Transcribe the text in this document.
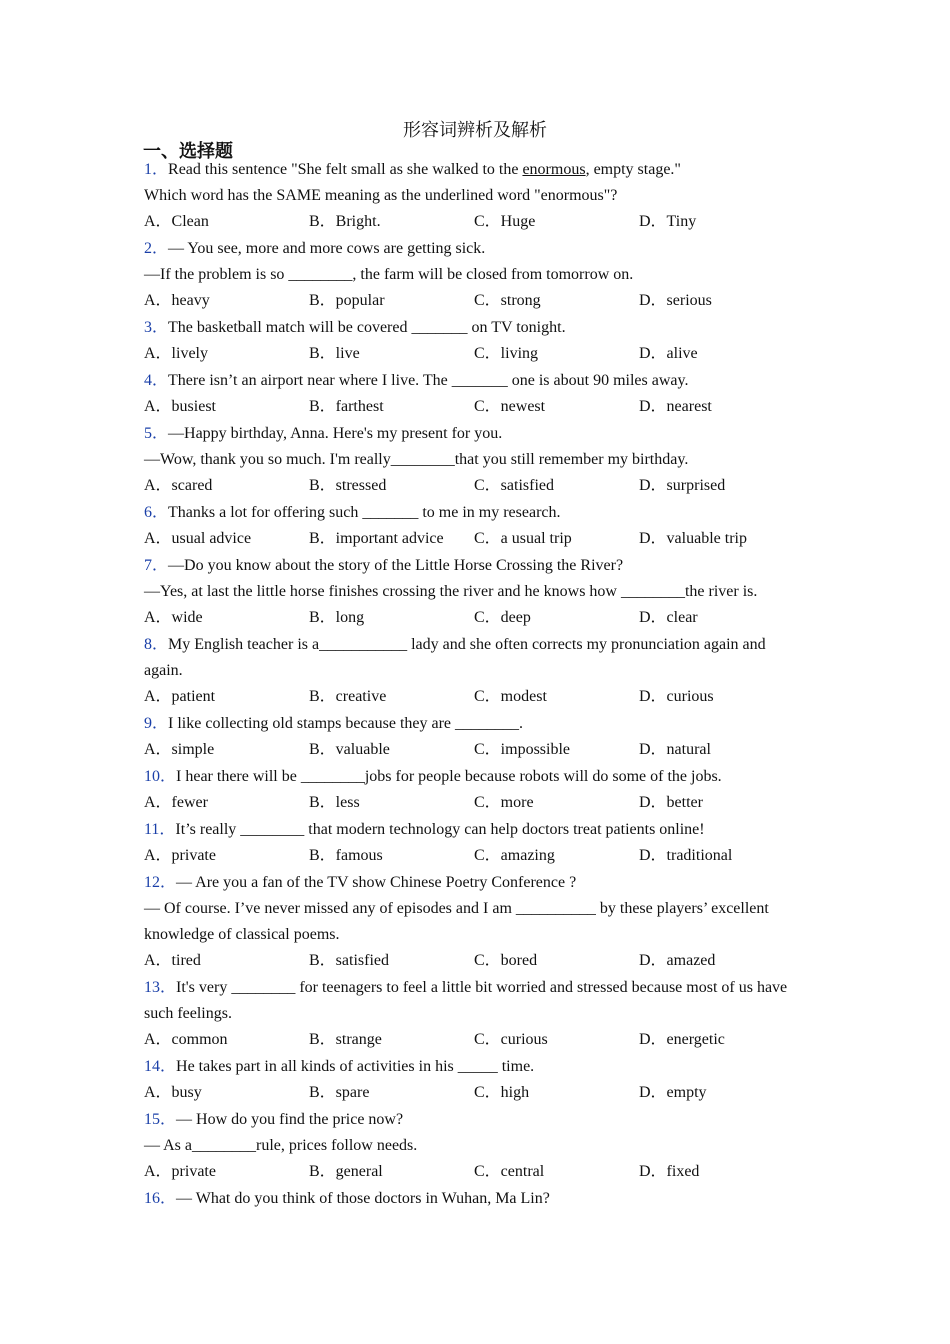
形容词辨析及解析
一、选择题
1．Read this sentence "She felt small as she walked to the enormous, empty stage."
Which word has the SAME meaning as the underlined word "enormous"?
A．Clean	B．Bright.	C．Huge	D．Tiny
2．— You see, more and more cows are getting sick.
—If the problem is so ________, the farm will be closed from tomorrow on.
A．heavy	B．popular	C．strong	D．serious
3．The basketball match will be covered _______ on TV tonight.
A．lively	B．live	C．living	D．alive
4．There isn’t an airport near where I live. The _______ one is about 90 miles away.
A．busiest	B．farthest	C．newest	D．nearest
5．—Happy birthday, Anna. Here's my present for you.
—Wow, thank you so much. I'm really________that you still remember my birthday.
A．scared	B．stressed	C．satisfied	D．surprised
6．Thanks a lot for offering such _______ to me in my research.
A．usual advice	B．important advice	C．a usual trip	D．valuable trip
7．—Do you know about the story of the Little Horse Crossing the River?
—Yes, at last the little horse finishes crossing the river and he knows how ________the river is.
A．wide	B．long	C．deep	D．clear
8．My English teacher is a___________ lady and she often corrects my pronunciation again and again.
A．patient	B．creative	C．modest	D．curious
9．I like collecting old stamps because they are ________.
A．simple	B．valuable	C．impossible	D．natural
10．I hear there will be ________jobs for people because robots will do some of the jobs.
A．fewer	B．less	C．more	D．better
11．It’s really ________ that modern technology can help doctors treat patients online!
A．private	B．famous	C．amazing	D．traditional
12．— Are you a fan of the TV show Chinese Poetry Conference ?
— Of course. I’ve never missed any of episodes and I am __________ by these players’ excellent knowledge of classical poems.
A．tired	B．satisfied	C．bored	D．amazed
13．It's very ________ for teenagers to feel a little bit worried and stressed because most of us have such feelings.
A．common	B．strange	C．curious	D．energetic
14．He takes part in all kinds of activities in his _____ time.
A．busy	B．spare	C．high	D．empty
15．— How do you find the price now?
— As a________rule, prices follow needs.
A．private	B．general	C．central	D．fixed
16．— What do you think of those doctors in Wuhan, Ma Lin?
